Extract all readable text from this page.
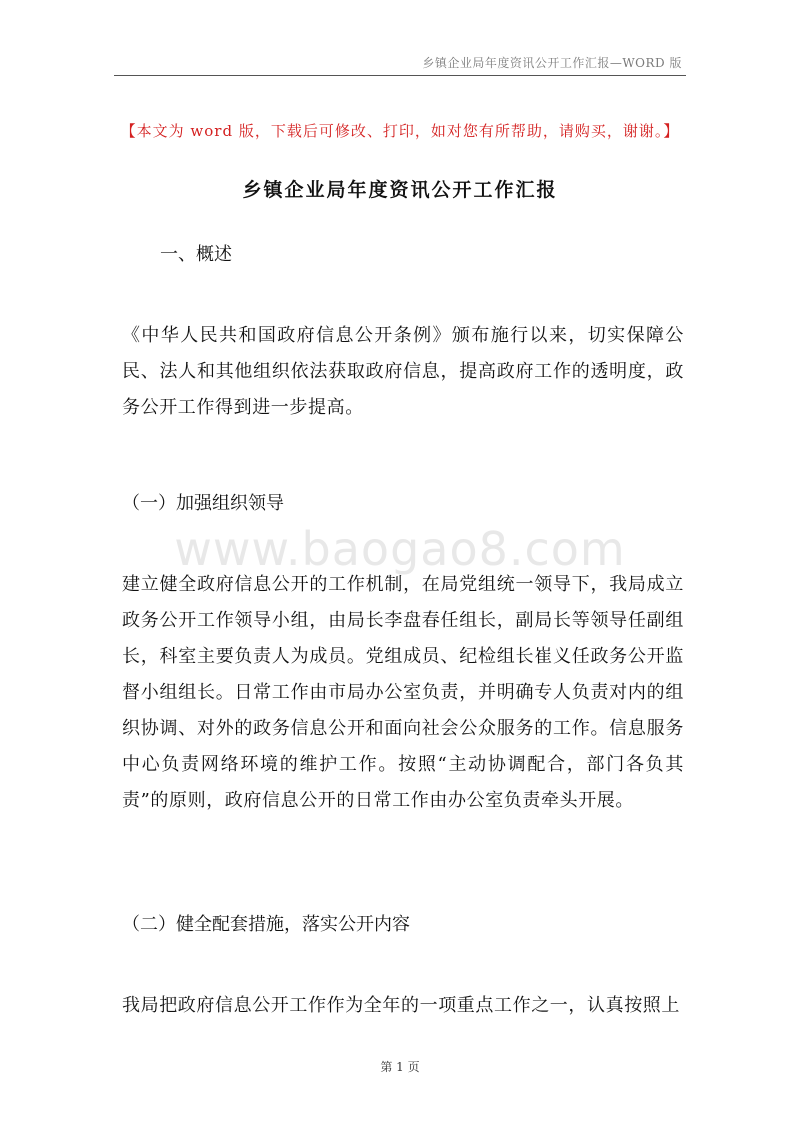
乡镇企业局年度资讯公开工作汇报—WORD 版
【本文为 word 版，下载后可修改、打印，如对您有所帮助，请购买，谢谢。】
乡镇企业局年度资讯公开工作汇报
一、概述
《中华人民共和国政府信息公开条例》颁布施行以来，切实保障公民、法人和其他组织依法获取政府信息，提高政府工作的透明度，政务公开工作得到进一步提高。
（一）加强组织领导
www.baogao8.com
建立健全政府信息公开的工作机制，在局党组统一领导下，我局成立政务公开工作领导小组，由局长李盘春任组长，副局长等领导任副组长，科室主要负责人为成员。党组成员、纪检组长崔义任政务公开监督小组组长。日常工作由市局办公室负责，并明确专人负责对内的组织协调、对外的政务信息公开和面向社会公众服务的工作。信息服务中心负责网络环境的维护工作。按照“主动协调配合，部门各负其责”的原则，政府信息公开的日常工作由办公室负责牵头开展。
（二）健全配套措施，落实公开内容
我局把政府信息公开工作作为全年的一项重点工作之一，认真按照上
第 1 页
